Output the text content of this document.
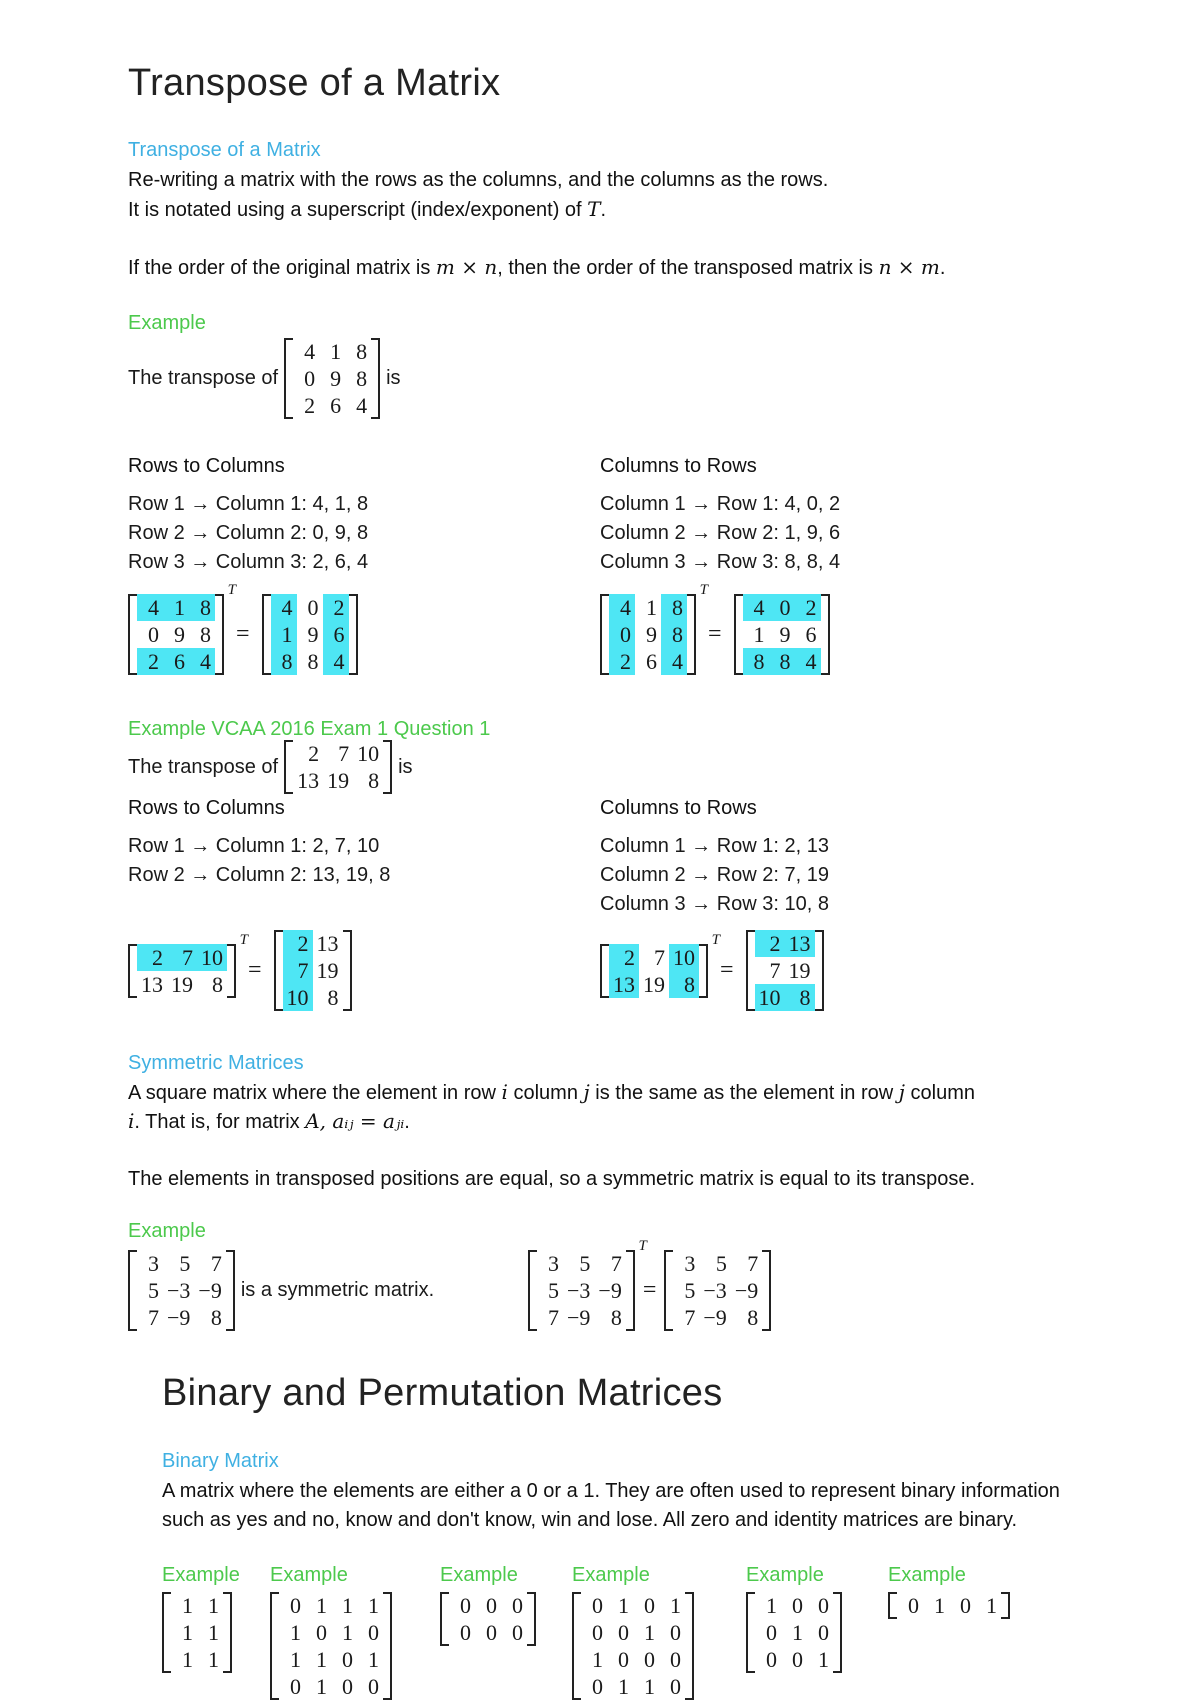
Transpose of a Matrix
Transpose of a Matrix
Re-writing a matrix with the rows as the columns, and the columns as the rows.
It is notated using a superscript (index/exponent) of T.
If the order of the original matrix is m × n, then the order of the transposed matrix is n × m.
Example
The transpose of
4	1	8
0	9	8
2	6	4
is
Rows to Columns	Columns to Rows
Row 1 → Column 1: 4, 1, 8
Row 2 → Column 2: 0, 9, 8
Row 3 → Column 3: 2, 6, 4
Column 1 → Row 1: 4, 0, 2
Column 2 → Row 2: 1, 9, 6
Column 3 → Row 3: 8, 8, 4
4	1	8
0	9	8
2	6	4
T
=
4	0	2
1	9	6
8	8	4
4	1	8
0	9	8
2	6	4
T
=
4	0	2
1	9	6
8	8	4
Example VCAA 2016 Exam 1 Question 1
The transpose of
2	7	10
13	19	8
is
Rows to Columns	Columns to Rows
Row 1 → Column 1: 2, 7, 10
Row 2 → Column 2: 13, 19, 8
Column 1 → Row 1: 2, 13
Column 2 → Row 2: 7, 19
Column 3 → Row 3: 10, 8
2	7	10
13	19	8
T
=
2	13
7	19
10	8
2	7	10
13	19	8
T
=
2	13
7	19
10	8
Symmetric Matrices
A square matrix where the element in row i column j is the same as the element in row j column
i. That is, for matrix A, aᵢⱼ = aⱼᵢ.
The elements in transposed positions are equal, so a symmetric matrix is equal to its transpose.
Example
3	5	7
5	−3	−9
7	−9	8
is a symmetric matrix.
3	5	7
5	−3	−9
7	−9	8
T
=
3	5	7
5	−3	−9
7	−9	8
Binary and Permutation Matrices
Binary Matrix
A matrix where the elements are either a 0 or a 1. They are often used to represent binary information
such as yes and no, know and don't know, win and lose. All zero and identity matrices are binary.
Example Example	Example	Example	Example	Example
1	1
1	1
1	1
0	1	1	1
1	0	1	0
1	1	0	1
0	1	0	0
0	0	0
0	0	0
0	1	0	1
0	0	1	0
1	0	0	0
0	1	1	0
1	0	0
0	1	0
0	0	1
0	1	0	1
